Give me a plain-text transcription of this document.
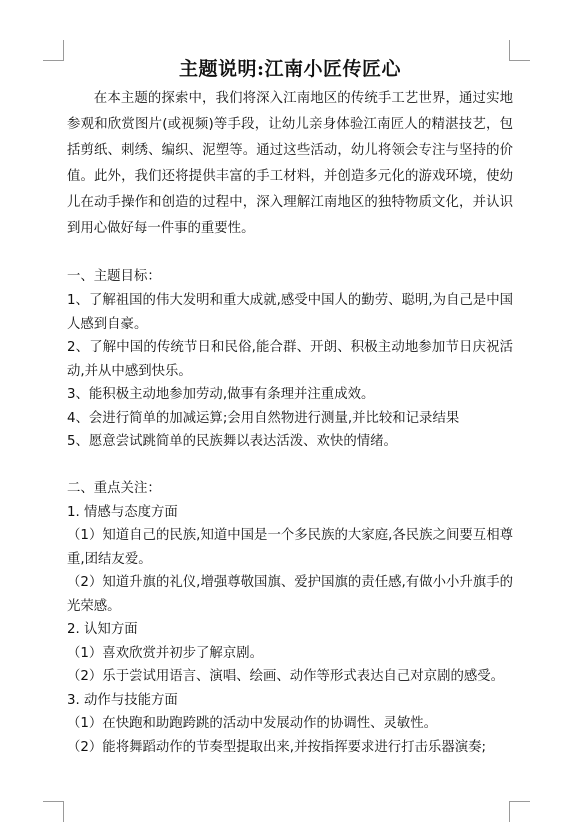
主题说明:江南小匠传匠心

在本主题的探索中，我们将深入江南地区的传统手工艺世界，通过实地参观和欣赏图片(或视频)等手段，让幼儿亲身体验江南匠人的精湛技艺，包括剪纸、刺绣、编织、泥塑等。通过这些活动，幼儿将领会专注与坚持的价值。此外，我们还将提供丰富的手工材料，并创造多元化的游戏环境，使幼儿在动手操作和创造的过程中，深入理解江南地区的独特物质文化，并认识到用心做好每一件事的重要性。

一、主题目标：

1、了解祖国的伟大发明和重大成就,感受中国人的勤劳、聪明,为自己是中国人感到自豪。

2、了解中国的传统节日和民俗,能合群、开朗、积极主动地参加节日庆祝活动,并从中感到快乐。

3、能积极主动地参加劳动,做事有条理并注重成效。

4、会进行简单的加减运算;会用自然物进行测量,并比较和记录结果

5、愿意尝试跳简单的民族舞以表达活泼、欢快的情绪。

二、重点关注：

1. 情感与态度方面

（1）知道自己的民族,知道中国是一个多民族的大家庭,各民族之间要互相尊重,团结友爱。

（2）知道升旗的礼仪,增强尊敬国旗、爱护国旗的责任感,有做小小升旗手的光荣感。

2. 认知方面

（1）喜欢欣赏并初步了解京剧。

（2）乐于尝试用语言、演唱、绘画、动作等形式表达自己对京剧的感受。

3. 动作与技能方面

（1）在快跑和助跑跨跳的活动中发展动作的协调性、灵敏性。

（2）能将舞蹈动作的节奏型提取出来,并按指挥要求进行打击乐器演奏;
